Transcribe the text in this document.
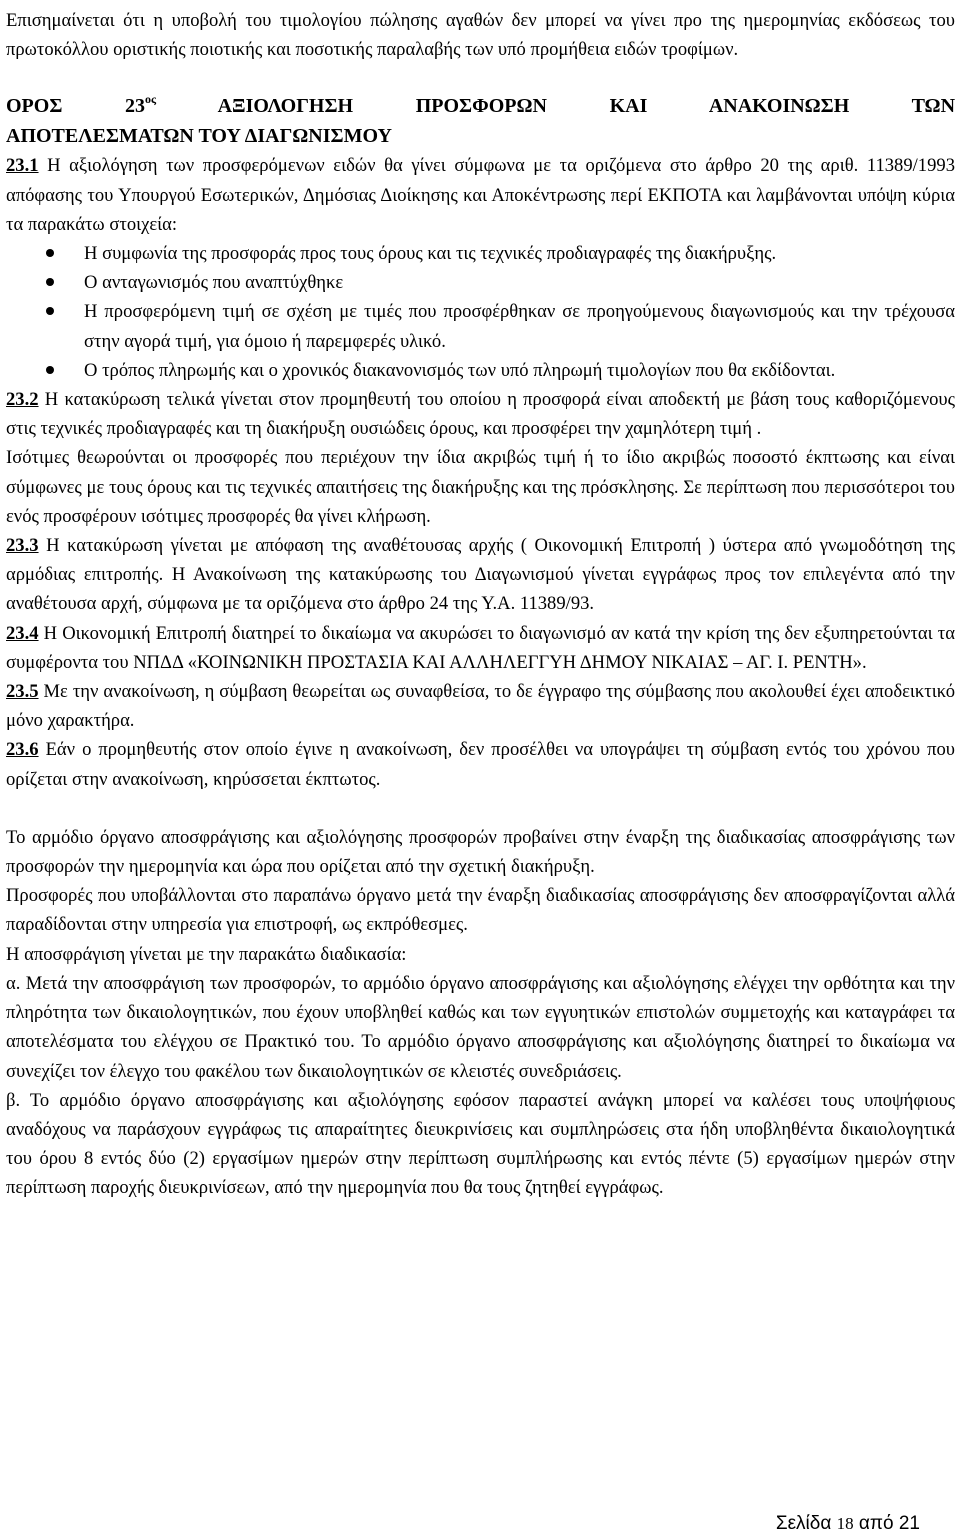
Επισημαίνεται ότι η υποβολή του τιμολογίου πώλησης αγαθών δεν μπορεί να γίνει προ της ημερομηνίας εκδόσεως του πρωτοκόλλου οριστικής ποιοτικής και ποσοτικής παραλαβής των υπό προμήθεια ειδών τροφίμων.

ΟΡΟΣ $23^{o\varsigma}$ ΑΞΙΟΛΟΓΗΣΗ ΠΡΟΣΦΟΡΩΝ ΚΑΙ ΑΝΑΚΟΙΝΩΣΗ ΤΩΝ

ΑΠΟΤΕΛΕΣΜΑΤΩΝ ΤΟΥ ΔΙΑΓΩΝΙΣΜΟΥ

23.1 Η αξιολόγηση των προσφερόμενων ειδών θα γίνει σύμφωνα με τα οριζόμενα στο άρθρο 20 της αριθ. 11389/1993 απόφασης του Υπουργού Εσωτερικών, Δημόσιας Διοίκησης και Αποκέντρωσης περί ΕΚΠΟΤΑ και λαμβάνονται υπόψη κύρια τα παρακάτω στοιχεία:

Η συμφωνία της προσφοράς προς τους όρους και τις τεχνικές προδιαγραφές της διακήρυξης.
Ο ανταγωνισμός που αναπτύχθηκε
Η προσφερόμενη τιμή σε σχέση με τιμές που προσφέρθηκαν σε προηγούμενους διαγωνισμούς και την τρέχουσα στην αγορά τιμή, για όμοιο ή παρεμφερές υλικό.
Ο τρόπος πληρωμής και ο χρονικός διακανονισμός των υπό πληρωμή τιμολογίων που θα εκδίδονται.

23.2 Η κατακύρωση τελικά γίνεται στον προμηθευτή του οποίου η προσφορά είναι αποδεκτή με βάση τους καθοριζόμενους στις τεχνικές προδιαγραφές και τη διακήρυξη ουσιώδεις όρους, και προσφέρει την χαμηλότερη τιμή .

Ισότιμες θεωρούνται οι προσφορές που περιέχουν την ίδια ακριβώς τιμή ή το ίδιο ακριβώς ποσοστό έκπτωσης και είναι σύμφωνες με τους όρους και τις τεχνικές απαιτήσεις της διακήρυξης και της πρόσκλησης. Σε περίπτωση που περισσότεροι του ενός προσφέρουν ισότιμες προσφορές θα γίνει κλήρωση.

23.3 Η κατακύρωση γίνεται με απόφαση της αναθέτουσας αρχής ( Οικονομική Επιτροπή ) ύστερα από γνωμοδότηση της αρμόδιας επιτροπής. Η Ανακοίνωση της κατακύρωσης του Διαγωνισμού γίνεται εγγράφως προς τον επιλεγέντα από την αναθέτουσα αρχή, σύμφωνα με τα οριζόμενα στο άρθρο 24 της Υ.Α. 11389/93.

23.4 Η Οικονομική Επιτροπή διατηρεί το δικαίωμα να ακυρώσει το διαγωνισμό αν κατά την κρίση της δεν εξυπηρετούνται τα συμφέροντα του ΝΠΔΔ «ΚΟΙΝΩΝΙΚΗ ΠΡΟΣΤΑΣΙΑ ΚΑΙ ΑΛΛΗΛΕΓΓΥΗ ΔΗΜΟΥ ΝΙΚΑΙΑΣ – ΑΓ. Ι. ΡΕΝΤΗ».

23.5 Με την ανακοίνωση, η σύμβαση θεωρείται ως συναφθείσα, το δε έγγραφο της σύμβασης που ακολουθεί έχει αποδεικτικό μόνο χαρακτήρα.

23.6 Εάν ο προμηθευτής στον οποίο έγινε η ανακοίνωση, δεν προσέλθει να υπογράψει τη σύμβαση εντός του χρόνου που ορίζεται στην ανακοίνωση, κηρύσσεται έκπτωτος.

Το αρμόδιο όργανο αποσφράγισης και αξιολόγησης προσφορών προβαίνει στην έναρξη της διαδικασίας αποσφράγισης των προσφορών την ημερομηνία και ώρα που ορίζεται από την σχετική διακήρυξη.

Προσφορές που υποβάλλονται στο παραπάνω όργανο μετά την έναρξη διαδικασίας αποσφράγισης δεν αποσφραγίζονται αλλά παραδίδονται στην υπηρεσία για επιστροφή, ως εκπρόθεσμες.

Η αποσφράγιση γίνεται με την παρακάτω διαδικασία:

α. Μετά την αποσφράγιση των προσφορών, το αρμόδιο όργανο αποσφράγισης και αξιολόγησης ελέγχει την ορθότητα και την πληρότητα των δικαιολογητικών, που έχουν υποβληθεί καθώς και των εγγυητικών επιστολών συμμετοχής και καταγράφει τα αποτελέσματα του ελέγχου σε Πρακτικό του. Το αρμόδιο όργανο αποσφράγισης και αξιολόγησης διατηρεί το δικαίωμα να συνεχίζει τον έλεγχο του φακέλου των δικαιολογητικών σε κλειστές συνεδριάσεις.

β. Το αρμόδιο όργανο αποσφράγισης και αξιολόγησης εφόσον παραστεί ανάγκη μπορεί να καλέσει τους υποψήφιους αναδόχους να παράσχουν εγγράφως τις απαραίτητες διευκρινίσεις και συμπληρώσεις στα ήδη υποβληθέντα δικαιολογητικά του όρου 8 εντός δύο (2) εργασίμων ημερών στην περίπτωση συμπλήρωσης και εντός πέντε (5) εργασίμων ημερών στην περίπτωση παροχής διευκρινίσεων, από την ημερομηνία που θα τους ζητηθεί εγγράφως.

Σελίδα 18 από 21
